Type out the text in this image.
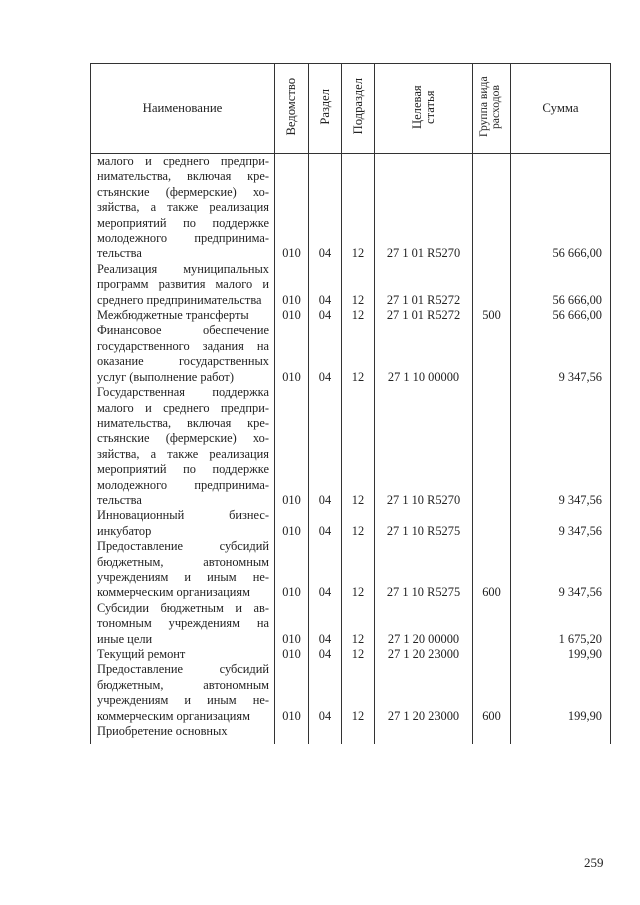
Наименование	Ведомство	Раздел	Подраздел	Целевая статья	Группа вида расходов	Сумма
малого и среднего предпринимательства, включая крестьянские (фермерские) хозяйства, а также реализация мероприятий по поддержке молодежного предпринимательства	010	04	12	27 1 01 R5270		56 666,00
Реализация муниципальных программ развития малого и среднего предпринимательства	010	04	12	27 1 01 R5272		56 666,00
Межбюджетные трансферты	010	04	12	27 1 01 R5272	500	56 666,00
Финансовое обеспечение государственного задания на оказание государственных услуг (выполнение работ)	010	04	12	27 1 10 00000		9 347,56
Государственная поддержка малого и среднего предпринимательства, включая крестьянские (фермерские) хозяйства, а также реализация мероприятий по поддержке молодежного предпринимательства	010	04	12	27 1 10 R5270		9 347,56
Инновационный бизнес-инкубатор	010	04	12	27 1 10 R5275		9 347,56
Предоставление субсидий бюджетным, автономным учреждениям и иным некоммерческим организациям	010	04	12	27 1 10 R5275	600	9 347,56
Субсидии бюджетным и автономным учреждениям на иные цели	010	04	12	27 1 20 00000		1 675,20
Текущий ремонт	010	04	12	27 1 20 23000		199,90
Предоставление субсидий бюджетным, автономным учреждениям и иным некоммерческим организациям	010	04	12	27 1 20 23000	600	199,90
Приобретение основных						
259
